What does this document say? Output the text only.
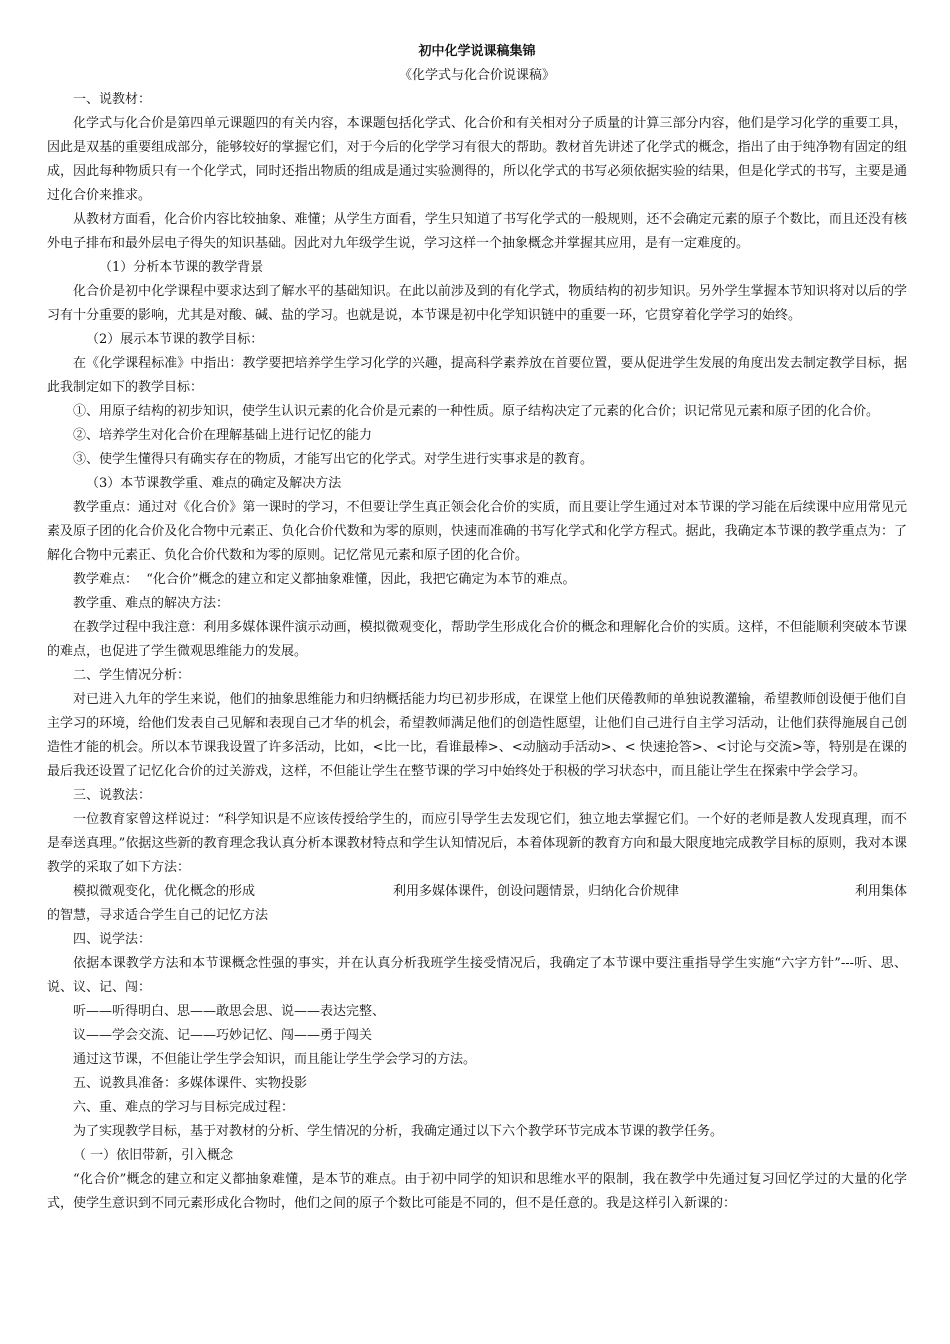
初中化学说课稿集锦
《化学式与化合价说课稿》
一、说教材：
化学式与化合价是第四单元课题四的有关内容，本课题包括化学式、化合价和有关相对分子质量的计算三部分内容，他们是学习化学的重要工具，因此是双基的重要组成部分，能够较好的掌握它们，对于今后的化学学习有很大的帮助。教材首先讲述了化学式的概念，指出了由于纯净物有固定的组成，因此每种物质只有一个化学式，同时还指出物质的组成是通过实验测得的，所以化学式的书写必须依据实验的结果，但是化学式的书写，主要是通过化合价来推求。
从教材方面看，化合价内容比较抽象、难懂；从学生方面看，学生只知道了书写化学式的一般规则，还不会确定元素的原子个数比，而且还没有核外电子排布和最外层电子得失的知识基础。因此对九年级学生说，学习这样一个抽象概念并掌握其应用，是有一定难度的。
（1）分析本节课的教学背景
化合价是初中化学课程中要求达到了解水平的基础知识。在此以前涉及到的有化学式，物质结构的初步知识。另外学生掌握本节知识将对以后的学习有十分重要的影响，尤其是对酸、碱、盐的学习。也就是说，本节课是初中化学知识链中的重要一环，它贯穿着化学学习的始终。
（2）展示本节课的教学目标：
在《化学课程标准》中指出：教学要把培养学生学习化学的兴趣，提高科学素养放在首要位置，要从促进学生发展的角度出发去制定教学目标，据此我制定如下的教学目标：
①、用原子结构的初步知识，使学生认识元素的化合价是元素的一种性质。原子结构决定了元素的化合价；识记常见元素和原子团的化合价。
②、培养学生对化合价在理解基础上进行记忆的能力
③、使学生懂得只有确实存在的物质，才能写出它的化学式。对学生进行实事求是的教育。
（3）本节课教学重、难点的确定及解决方法
教学重点：通过对《化合价》第一课时的学习，不但要让学生真正领会化合价的实质，而且要让学生通过对本节课的学习能在后续课中应用常见元素及原子团的化合价及化合物中元素正、负化合价代数和为零的原则，快速而准确的书写化学式和化学方程式。据此，我确定本节课的教学重点为：了解化合物中元素正、负化合价代数和为零的原则。记忆常见元素和原子团的化合价。
教学难点：  “化合价”概念的建立和定义都抽象难懂，因此，我把它确定为本节的难点。
教学重、难点的解决方法：
在教学过程中我注意：利用多媒体课件演示动画，模拟微观变化，帮助学生形成化合价的概念和理解化合价的实质。这样，不但能顺利突破本节课的难点，也促进了学生微观思维能力的发展。
二、学生情况分析：
对已进入九年的学生来说，他们的抽象思维能力和归纳概括能力均已初步形成，在课堂上他们厌倦教师的单独说教灌输，希望教师创设便于他们自主学习的环境，给他们发表自己见解和表现自己才华的机会，希望教师满足他们的创造性愿望，让他们自己进行自主学习活动，让他们获得施展自己创造性才能的机会。所以本节课我设置了许多活动，比如，<比一比，看谁最棒>、<动脑动手活动>、< 快速抢答>、<讨论与交流>等，特别是在课的最后我还设置了记忆化合价的过关游戏，这样，不但能让学生在整节课的学习中始终处于积极的学习状态中，而且能让学生在探索中学会学习。
三、说教法：
一位教育家曾这样说过：“科学知识是不应该传授给学生的，而应引导学生去发现它们，独立地去掌握它们。一个好的老师是教人发现真理，而不是奉送真理。”依据这些新的教育理念我认真分析本课教材特点和学生认知情况后，本着体现新的教育方向和最大限度地完成教学目标的原则，我对本课教学的采取了如下方法：
模拟微观变化，优化概念的形成	利用多媒体课件，创设问题情景，归纳化合价规律	利用集体
的智慧，寻求适合学生自己的记忆方法
四、说学法：
依据本课教学方法和本节课概念性强的事实，并在认真分析我班学生接受情况后，我确定了本节课中要注重指导学生实施“六字方针”---听、思、说、议、记、闯：
听——听得明白、思——敢思会思、说——表达完整、
议——学会交流、记——巧妙记忆、闯——勇于闯关
通过这节课，不但能让学生学会知识，而且能让学生学会学习的方法。
五、说教具准备：多媒体课件、实物投影
六、重、难点的学习与目标完成过程：
为了实现教学目标，基于对教材的分析、学生情况的分析，我确定通过以下六个教学环节完成本节课的教学任务。
（ 一）依旧带新，引入概念
“化合价”概念的建立和定义都抽象难懂，是本节的难点。由于初中同学的知识和思维水平的限制，我在教学中先通过复习回忆学过的大量的化学式，使学生意识到不同元素形成化合物时，他们之间的原子个数比可能是不同的，但不是任意的。我是这样引入新课的：
